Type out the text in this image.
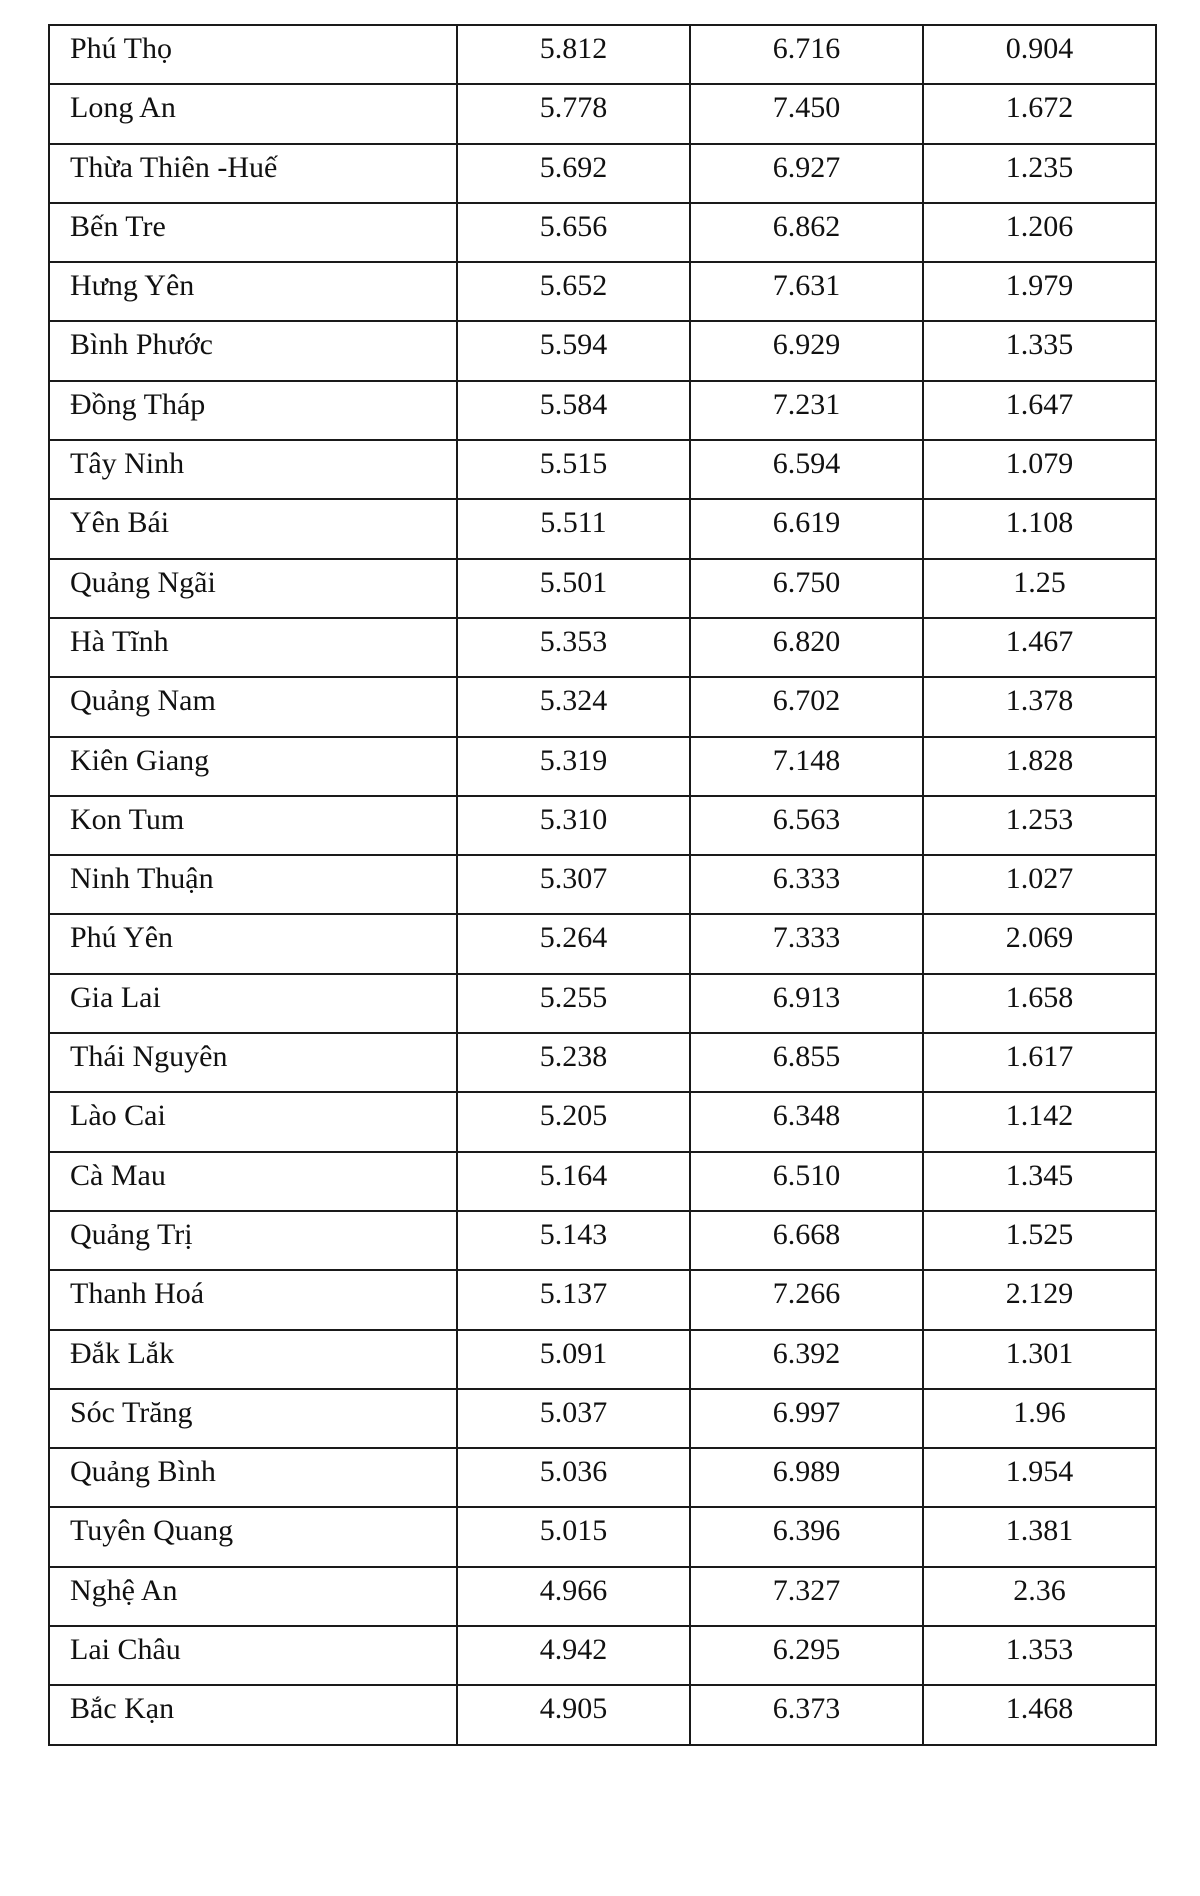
Phú Thọ	5.812	6.716	0.904
Long An	5.778	7.450	1.672
Thừa Thiên -Huế	5.692	6.927	1.235
Bến Tre	5.656	6.862	1.206
Hưng Yên	5.652	7.631	1.979
Bình Phước	5.594	6.929	1.335
Đồng Tháp	5.584	7.231	1.647
Tây Ninh	5.515	6.594	1.079
Yên Bái	5.511	6.619	1.108
Quảng Ngãi	5.501	6.750	1.25
Hà Tĩnh	5.353	6.820	1.467
Quảng Nam	5.324	6.702	1.378
Kiên Giang	5.319	7.148	1.828
Kon Tum	5.310	6.563	1.253
Ninh Thuận	5.307	6.333	1.027
Phú Yên	5.264	7.333	2.069
Gia Lai	5.255	6.913	1.658
Thái Nguyên	5.238	6.855	1.617
Lào Cai	5.205	6.348	1.142
Cà Mau	5.164	6.510	1.345
Quảng Trị	5.143	6.668	1.525
Thanh Hoá	5.137	7.266	2.129
Đắk Lắk	5.091	6.392	1.301
Sóc Trăng	5.037	6.997	1.96
Quảng Bình	5.036	6.989	1.954
Tuyên Quang	5.015	6.396	1.381
Nghệ An	4.966	7.327	2.36
Lai Châu	4.942	6.295	1.353
Bắc Kạn	4.905	6.373	1.468
